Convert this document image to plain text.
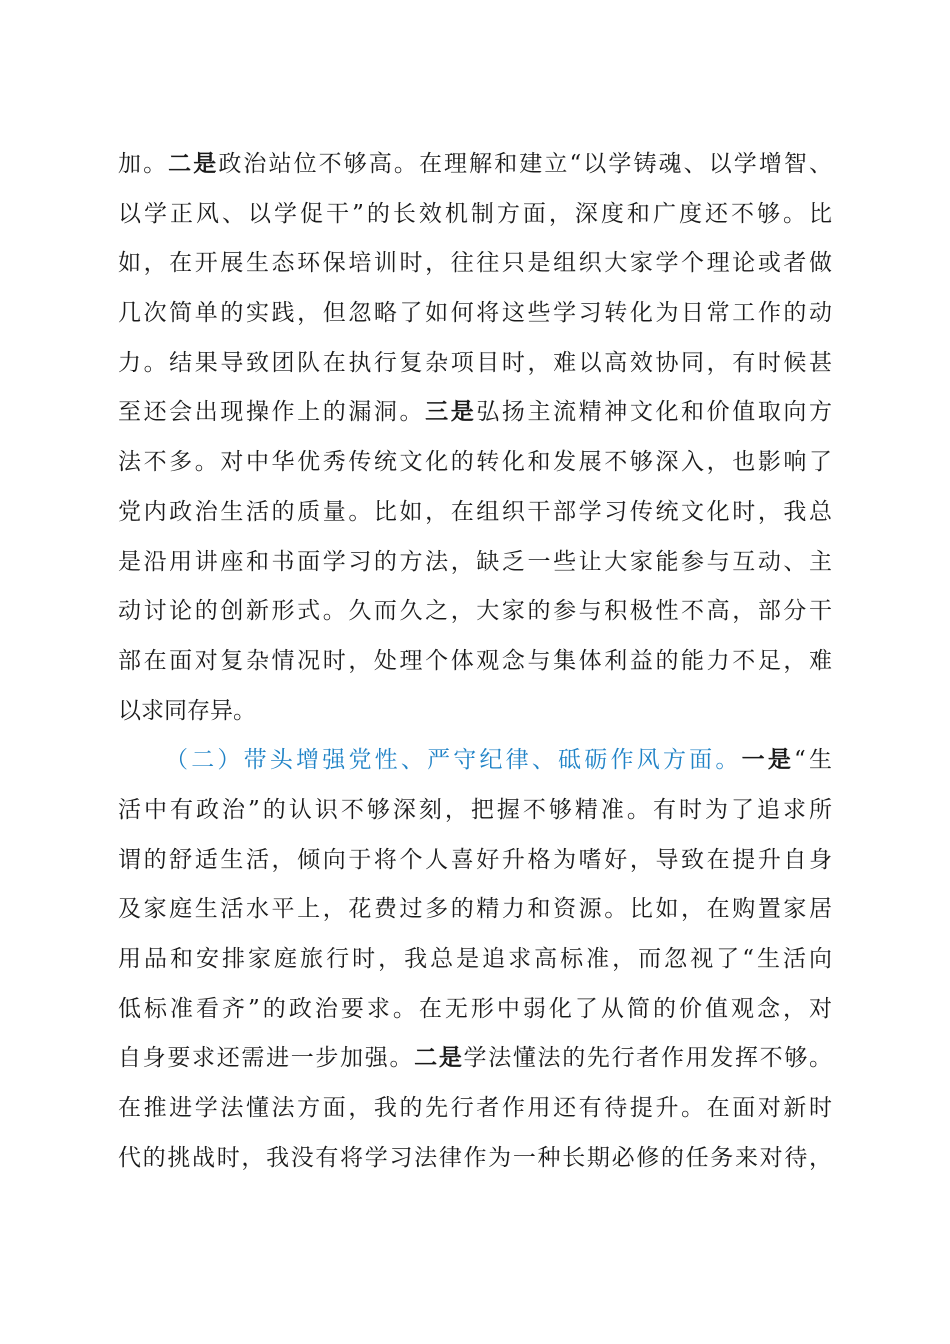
加。二是政治站位不够高。在理解和建立“以学铸魂、以学增智、
以学正风、以学促干”的长效机制方面，深度和广度还不够。比
如，在开展生态环保培训时，往往只是组织大家学个理论或者做
几次简单的实践，但忽略了如何将这些学习转化为日常工作的动
力。结果导致团队在执行复杂项目时，难以高效协同，有时候甚
至还会出现操作上的漏洞。三是弘扬主流精神文化和价值取向方
法不多。对中华优秀传统文化的转化和发展不够深入，也影响了
党内政治生活的质量。比如，在组织干部学习传统文化时，我总
是沿用讲座和书面学习的方法，缺乏一些让大家能参与互动、主
动讨论的创新形式。久而久之，大家的参与积极性不高，部分干
部在面对复杂情况时，处理个体观念与集体利益的能力不足，难
以求同存异。
（二）带头增强党性、严守纪律、砥砺作风方面。一是“生
活中有政治”的认识不够深刻，把握不够精准。有时为了追求所
谓的舒适生活，倾向于将个人喜好升格为嗜好，导致在提升自身
及家庭生活水平上，花费过多的精力和资源。比如，在购置家居
用品和安排家庭旅行时，我总是追求高标准，而忽视了“生活向
低标准看齐”的政治要求。在无形中弱化了从简的价值观念，对
自身要求还需进一步加强。二是学法懂法的先行者作用发挥不够。
在推进学法懂法方面，我的先行者作用还有待提升。在面对新时
代的挑战时，我没有将学习法律作为一种长期必修的任务来对待，
